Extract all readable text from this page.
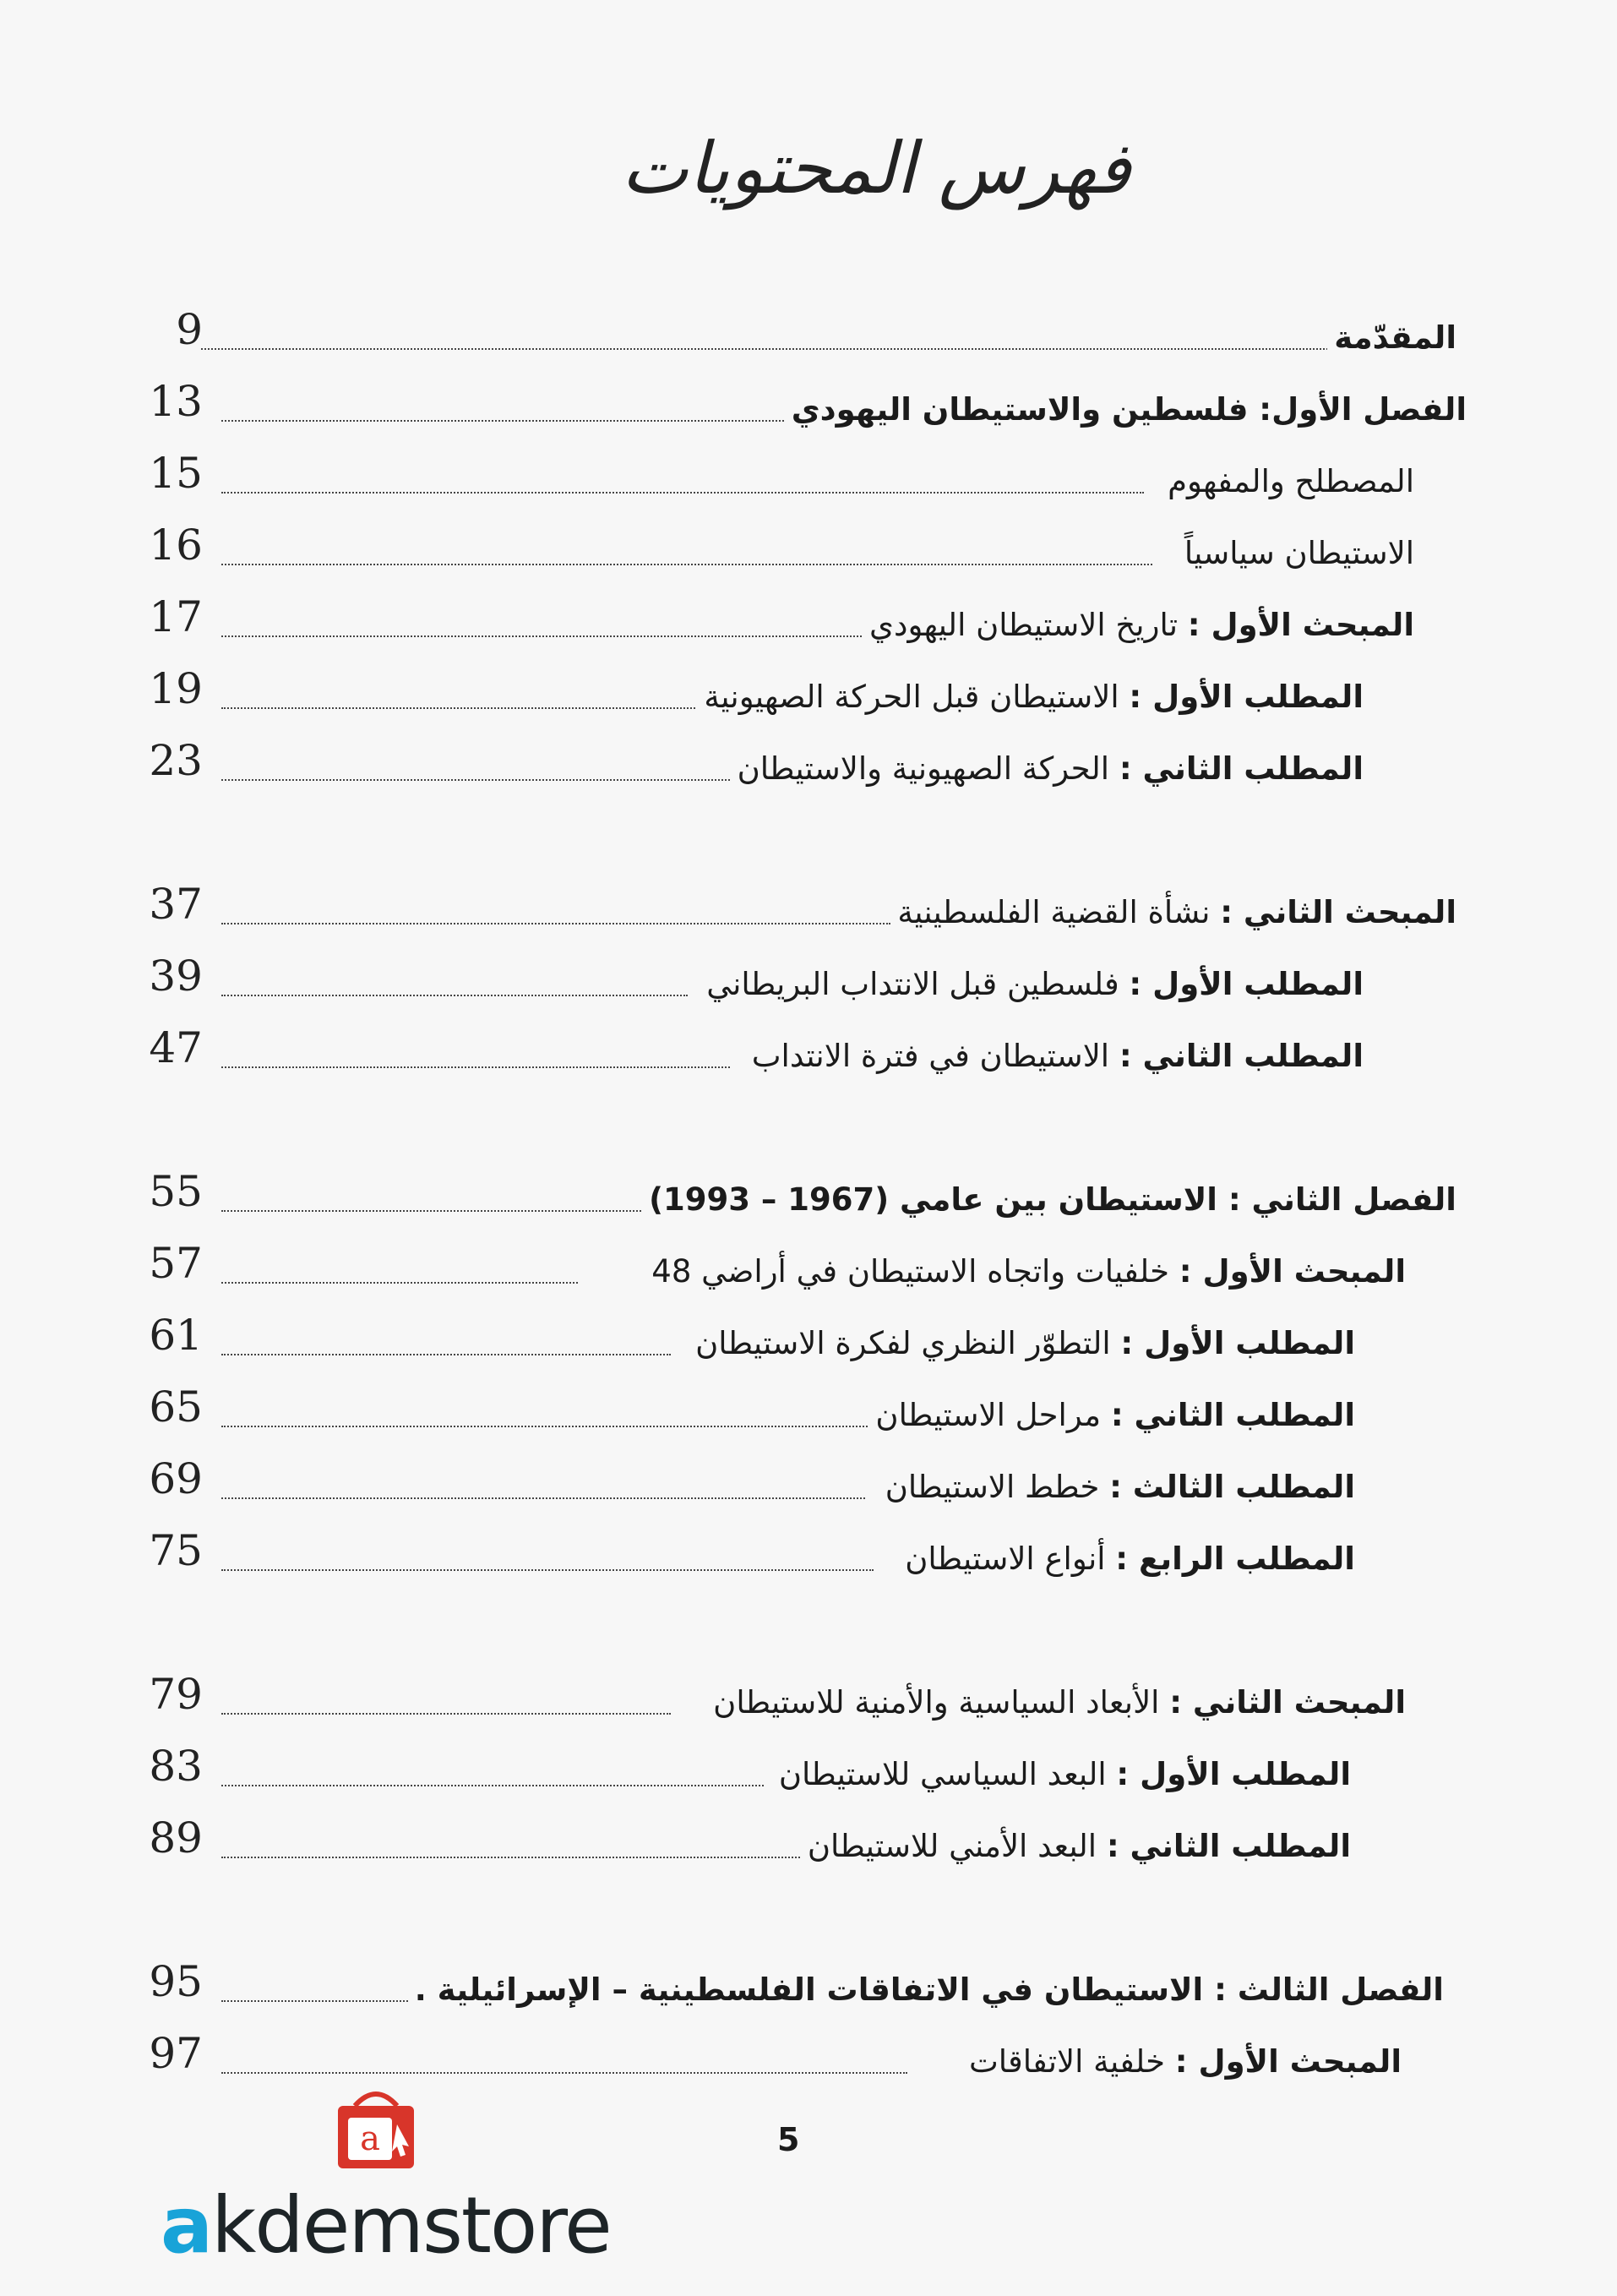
فهرس المحتويات
9	المقدّمة
13	الفصل الأول: فلسطين والاستيطان اليهودي
15	المصطلح والمفهوم
16	الاستيطان سياسياً
17	المبحث الأول : تاريخ الاستيطان اليهودي
19	المطلب الأول : الاستيطان قبل الحركة الصهيونية
23	المطلب الثاني : الحركة الصهيونية والاستيطان
37	المبحث الثاني : نشأة القضية الفلسطينية
39	المطلب الأول : فلسطين قبل الانتداب البريطاني
47	المطلب الثاني : الاستيطان في فترة الانتداب
55	الفصل الثاني : الاستيطان بين عامي (1967 – 1993)
57	المبحث الأول : خلفيات واتجاه الاستيطان في أراضي 48
61	المطلب الأول : التطوّر النظري لفكرة الاستيطان
65	المطلب الثاني : مراحل الاستيطان
69	المطلب الثالث : خطط الاستيطان
75	المطلب الرابع : أنواع الاستيطان
79	المبحث الثاني : الأبعاد السياسية والأمنية للاستيطان
83	المطلب الأول : البعد السياسي للاستيطان
89	المطلب الثاني : البعد الأمني للاستيطان
95	الفصل الثالث : الاستيطان في الاتفاقات الفلسطينية – الإسرائيلية .
97	المبحث الأول : خلفية الاتفاقات
5
a
akdemstore
